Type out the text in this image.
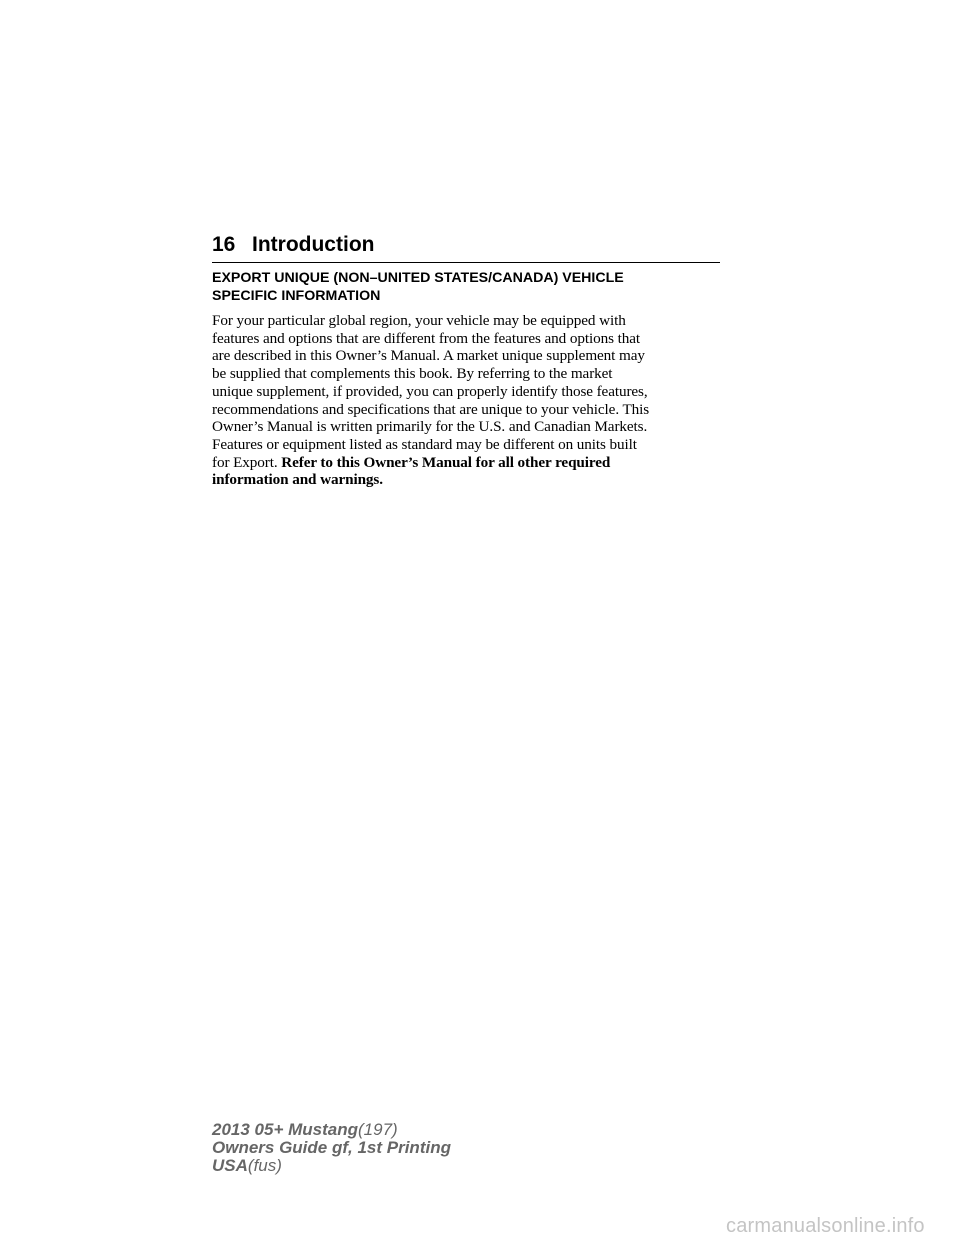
16 Introduction
EXPORT UNIQUE (NON–UNITED STATES/CANADA) VEHICLE
SPECIFIC INFORMATION

For your particular global region, your vehicle may be equipped with
features and options that are different from the features and options that
are described in this Owner’s Manual. A market unique supplement may
be supplied that complements this book. By referring to the market
unique supplement, if provided, you can properly identify those features,
recommendations and specifications that are unique to your vehicle. This
Owner’s Manual is written primarily for the U.S. and Canadian Markets.
Features or equipment listed as standard may be different on units built
for Export. Refer to this Owner’s Manual for all other required
information and warnings.

2013 05+ Mustang(197)
Owners Guide gf, 1st Printing
USA(fus)
carmanualsonline.info
